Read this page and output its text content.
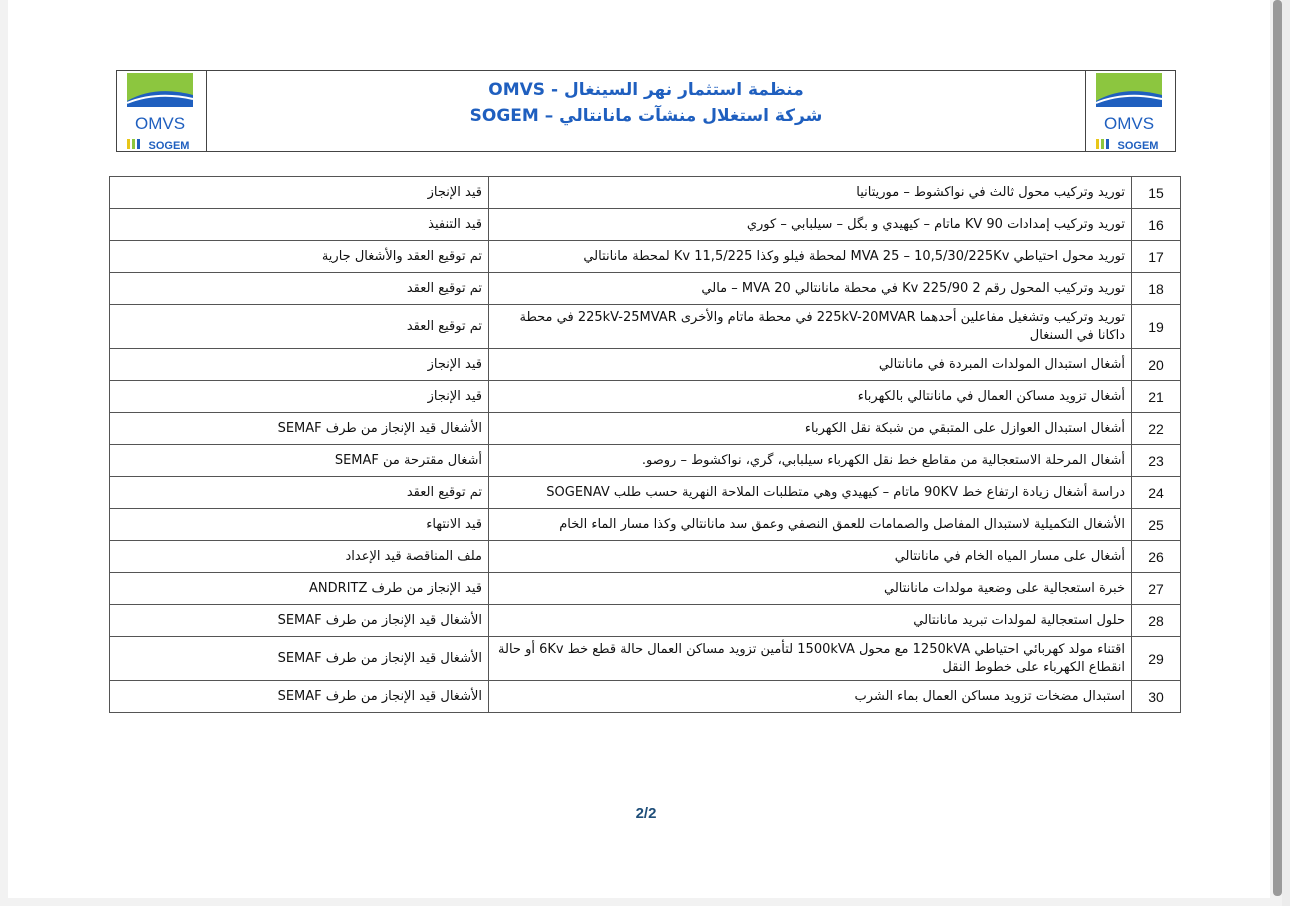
OMVS
SOGEM
منظمة استثمار نهر السينغال - OMVS
شركة استغلال منشآت مانانتالي – SOGEM	OMVS
SOGEM
15	توريد وتركيب محول ثالث في نواكشوط – موريتانيا	قيد الإنجاز
16	توريد وتركيب إمدادات 90 KV ماتام – كيهيدي و بگل – سيلبابي – كوري	قيد التنفيذ
17	توريد محول احتياطي MVA 25 – 10,5/30/225Kv لمحطة فيلو وكذا 11,5/225 Kv لمحطة مانانتالي	تم توقيع العقد والأشغال جارية
18	توريد وتركيب المحول رقم 2 225/90 Kv في محطة مانانتالي MVA 20 – مالي	تم توقيع العقد
19	توريد وتركيب وتشغيل مفاعلين أحدهما 225kV-20MVAR في محطة ماتام والأخرى 225kV-25MVAR في محطة داكانا في السنغال	تم توقيع العقد
20	أشغال استبدال المولدات المبردة في مانانتالي	قيد الإنجاز
21	أشغال تزويد مساكن العمال في مانانتالي بالكهرباء	قيد الإنجاز
22	أشغال استبدال العوازل على المتبقي من شبكة نقل الكهرباء	الأشغال قيد الإنجاز من طرف SEMAF
23	أشغال المرحلة الاستعجالية من مقاطع خط نقل الكهرباء سيلبابي، گري، نواكشوط – روصو.	أشغال مقترحة من SEMAF
24	دراسة أشغال زيادة ارتفاع خط 90KV ماتام – كيهيدي وهي متطلبات الملاحة النهرية حسب طلب SOGENAV	تم توقيع العقد
25	الأشغال التكميلية لاستبدال المفاصل والصمامات للعمق النصفي وعمق سد مانانتالي وكذا مسار الماء الخام	قيد الانتهاء
26	أشغال على مسار المياه الخام في مانانتالي	ملف المناقصة قيد الإعداد
27	خبرة استعجالية على وضعية مولدات مانانتالي	قيد الإنجاز من طرف ANDRITZ
28	حلول استعجالية لمولدات تبريد مانانتالي	الأشغال قيد الإنجاز من طرف SEMAF
29	اقتناء مولد كهربائي احتياطي 1250kVA مع محول 1500kVA لتأمين تزويد مساكن العمال حالة قطع خط 6Kv أو حالة انقطاع الكهرباء على خطوط النقل	الأشغال قيد الإنجاز من طرف SEMAF
30	استبدال مضخات تزويد مساكن العمال بماء الشرب	الأشغال قيد الإنجاز من طرف SEMAF
2/2
